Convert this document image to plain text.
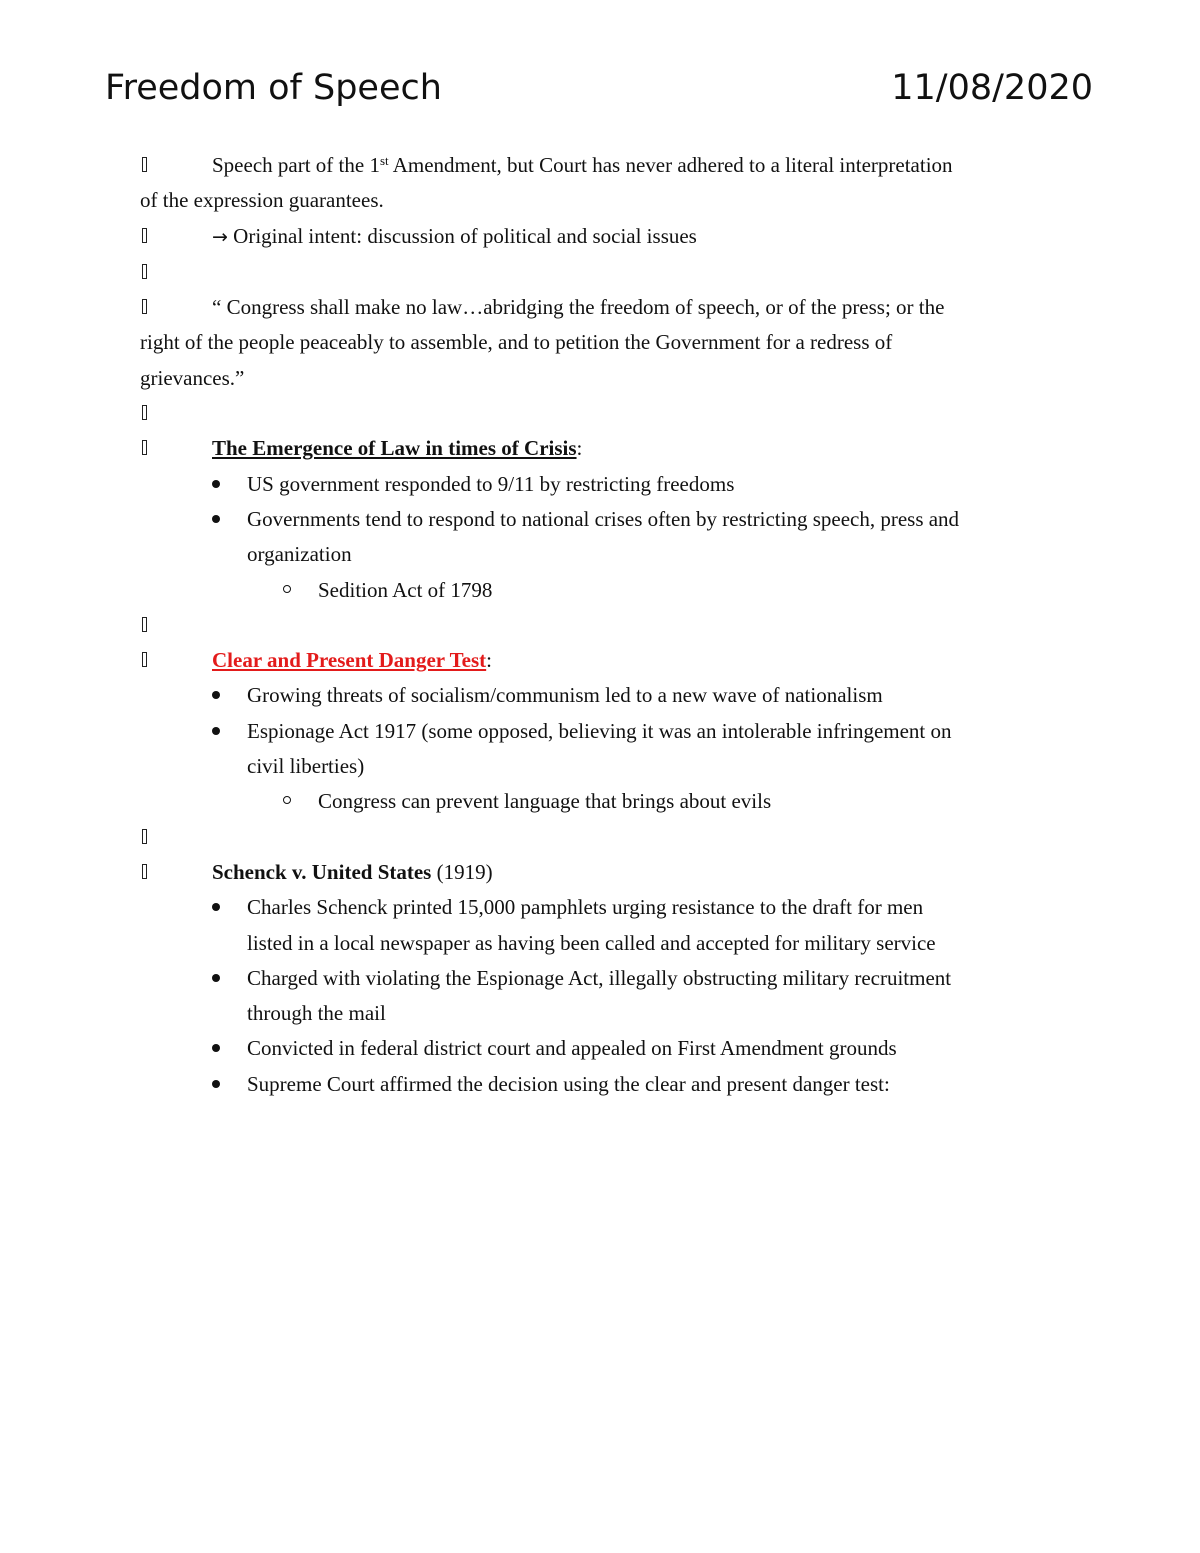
Freedom of Speech	11/08/2020
Speech part of the 1st Amendment, but Court has never adhered to a literal interpretation
of the expression guarantees.
→ Original intent: discussion of political and social issues
“ Congress shall make no law…abridging the freedom of speech, or of the press; or the
right of the people peaceably to assemble, and to petition the Government for a redress of
grievances.”
The Emergence of Law in times of Crisis:
US government responded to 9/11 by restricting freedoms
Governments tend to respond to national crises often by restricting speech, press and
organization
Sedition Act of 1798
Clear and Present Danger Test:
Growing threats of socialism/communism led to a new wave of nationalism
Espionage Act 1917 (some opposed, believing it was an intolerable infringement on
civil liberties)
Congress can prevent language that brings about evils
Schenck v. United States (1919)
Charles Schenck printed 15,000 pamphlets urging resistance to the draft for men
listed in a local newspaper as having been called and accepted for military service
Charged with violating the Espionage Act, illegally obstructing military recruitment
through the mail
Convicted in federal district court and appealed on First Amendment grounds
Supreme Court affirmed the decision using the clear and present danger test:
